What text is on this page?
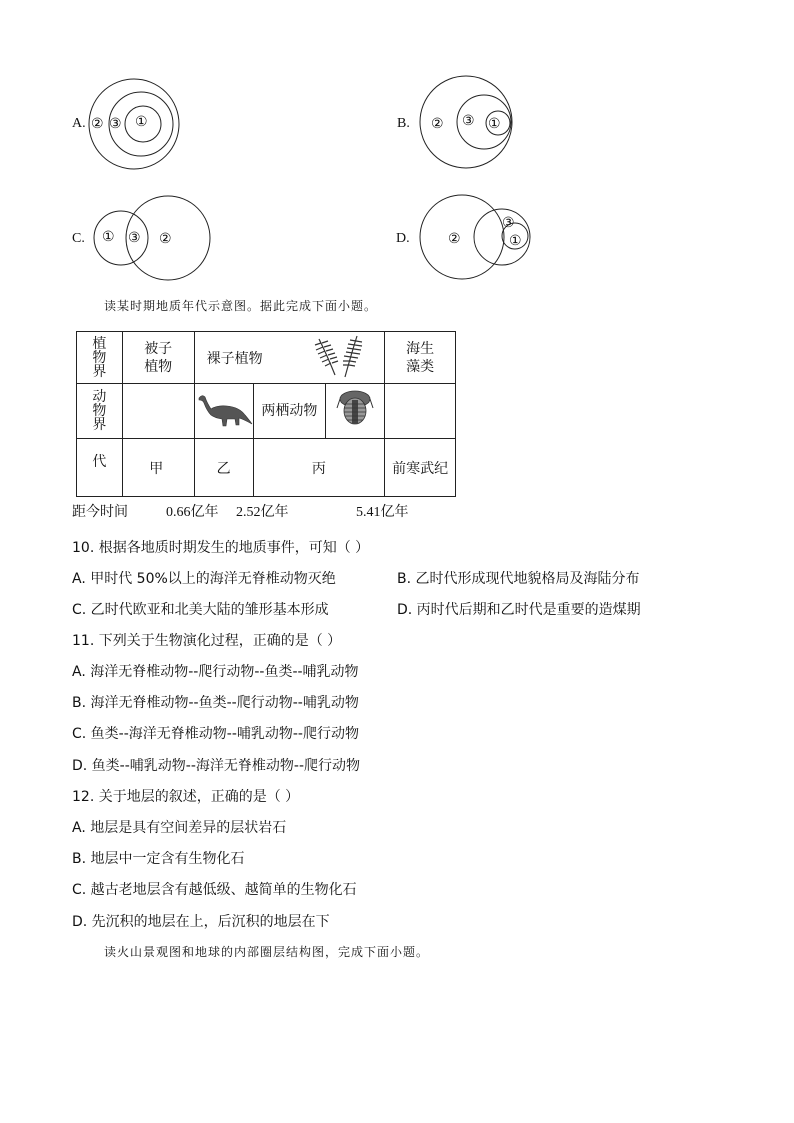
A. ② ③ ①	B. ② ③ ①
C. ① ③ ②	D.	②
③
①
读某时期地质年代示意图。据此完成下面小题。
植物界	被子植物	裸子植物				海生藻类

动物界			两栖动物

代	甲	乙	丙			前寒武纪
距今时间	0.66亿年 2.52亿年	5.41亿年
10. 根据各地质时期发生的地质事件，可知（ ）
A. 甲时代 50%以上的海洋无脊椎动物灭绝	B. 乙时代形成现代地貌格局及海陆分布
C. 乙时代欧亚和北美大陆的雏形基本形成	D. 丙时代后期和乙时代是重要的造煤期
11. 下列关于生物演化过程，正确的是（ ）
A. 海洋无脊椎动物--爬行动物--鱼类--哺乳动物
B. 海洋无脊椎动物--鱼类--爬行动物--哺乳动物
C. 鱼类--海洋无脊椎动物--哺乳动物--爬行动物
D. 鱼类--哺乳动物--海洋无脊椎动物--爬行动物
12. 关于地层的叙述，正确的是（ ）
A. 地层是具有空间差异的层状岩石
B. 地层中一定含有生物化石
C. 越古老地层含有越低级、越简单的生物化石
D. 先沉积的地层在上，后沉积的地层在下
读火山景观图和地球的内部圈层结构图，完成下面小题。
